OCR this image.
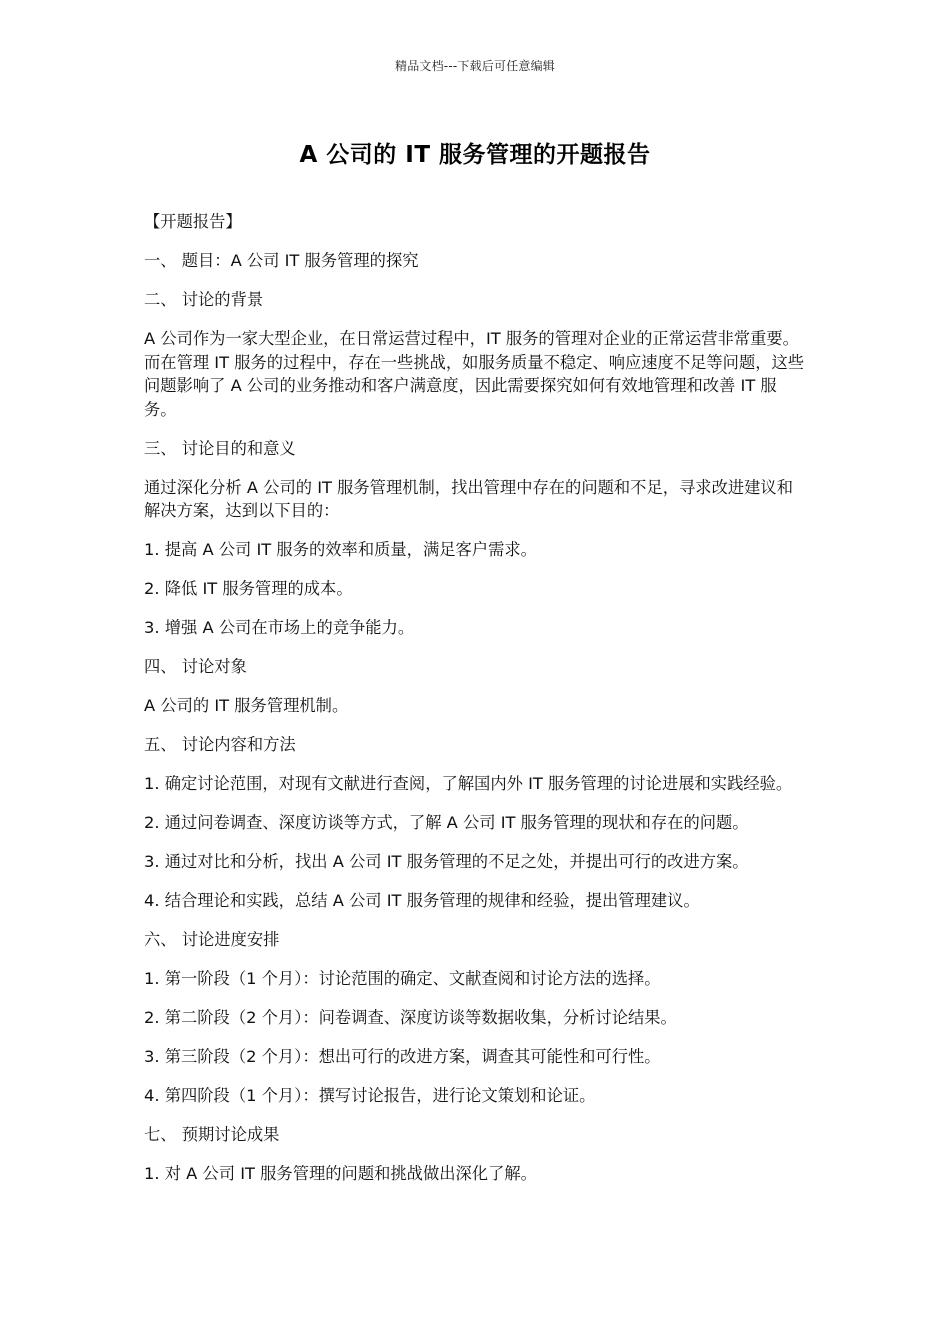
精品文档---下载后可任意编辑
A 公司的 IT 服务管理的开题报告

【开题报告】

一、 题目：A 公司 IT 服务管理的探究

二、 讨论的背景

A 公司作为一家大型企业，在日常运营过程中，IT 服务的管理对企业的正常运营非常重要。而在管理 IT 服务的过程中，存在一些挑战，如服务质量不稳定、响应速度不足等问题，这些问题影响了 A 公司的业务推动和客户满意度，因此需要探究如何有效地管理和改善 IT 服务。

三、 讨论目的和意义

通过深化分析 A 公司的 IT 服务管理机制，找出管理中存在的问题和不足，寻求改进建议和解决方案，达到以下目的：

1. 提高 A 公司 IT 服务的效率和质量，满足客户需求。

2. 降低 IT 服务管理的成本。

3. 增强 A 公司在市场上的竞争能力。

四、 讨论对象

A 公司的 IT 服务管理机制。

五、 讨论内容和方法

1. 确定讨论范围，对现有文献进行查阅，了解国内外 IT 服务管理的讨论进展和实践经验。

2. 通过问卷调查、深度访谈等方式，了解 A 公司 IT 服务管理的现状和存在的问题。

3. 通过对比和分析，找出 A 公司 IT 服务管理的不足之处，并提出可行的改进方案。

4. 结合理论和实践，总结 A 公司 IT 服务管理的规律和经验，提出管理建议。

六、 讨论进度安排

1. 第一阶段（1 个月）：讨论范围的确定、文献查阅和讨论方法的选择。

2. 第二阶段（2 个月）：问卷调查、深度访谈等数据收集，分析讨论结果。

3. 第三阶段（2 个月）：想出可行的改进方案，调查其可能性和可行性。

4. 第四阶段（1 个月）：撰写讨论报告，进行论文策划和论证。

七、 预期讨论成果

1. 对 A 公司 IT 服务管理的问题和挑战做出深化了解。
